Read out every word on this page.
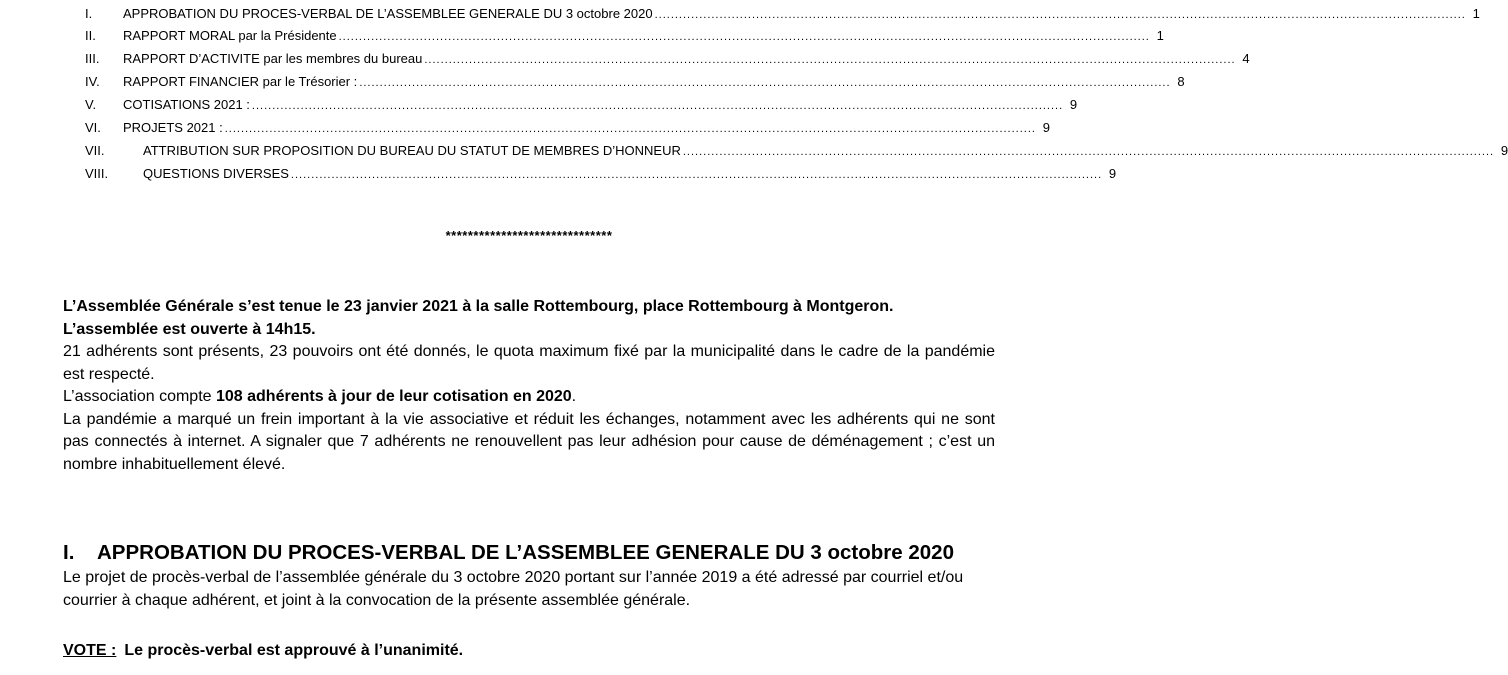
I.	APPROBATION DU PROCES-VERBAL DE L’ASSEMBLEE GENERALE DU 3 octobre 2020 ........................................................................................................................................................................................................ 1
II.	RAPPORT MORAL par la Présidente ........................................................................................................................................................................................................ 1
III.	RAPPORT D’ACTIVITE par les membres du bureau ........................................................................................................................................................................................................ 4
IV.	RAPPORT FINANCIER par le Trésorier : ........................................................................................................................................................................................................ 8
V.	COTISATIONS 2021 : ........................................................................................................................................................................................................ 9
VI.	PROJETS 2021 : ........................................................................................................................................................................................................ 9
VII.	ATTRIBUTION SUR PROPOSITION DU BUREAU DU STATUT DE MEMBRES D’HONNEUR ........................................................................................................................................................................................................ 9
VIII.	QUESTIONS DIVERSES ........................................................................................................................................................................................................ 9
******************************

L’Assemblée Générale s’est tenue le 23 janvier 2021 à la salle Rottembourg, place Rottembourg à Montgeron.

L’assemblée est ouverte à 14h15.

21 adhérents sont présents, 23 pouvoirs ont été donnés, le quota maximum fixé par la municipalité dans le cadre de la pandémie est respecté.

L’association compte 108 adhérents à jour de leur cotisation en 2020.

La pandémie a marqué un frein important à la vie associative et réduit les échanges, notamment avec les adhérents qui ne sont pas connectés à internet. A signaler que 7 adhérents ne renouvellent pas leur adhésion pour cause de déménagement ; c’est un nombre inhabituellement élevé.

I. APPROBATION DU PROCES-VERBAL DE L’ASSEMBLEE GENERALE DU 3 octobre 2020

Le projet de procès-verbal de l’assemblée générale du 3 octobre 2020 portant sur l’année 2019 a été adressé par courriel et/ou courrier à chaque adhérent, et joint à la convocation de la présente assemblée générale.

VOTE : Le procès-verbal est approuvé à l’unanimité.
